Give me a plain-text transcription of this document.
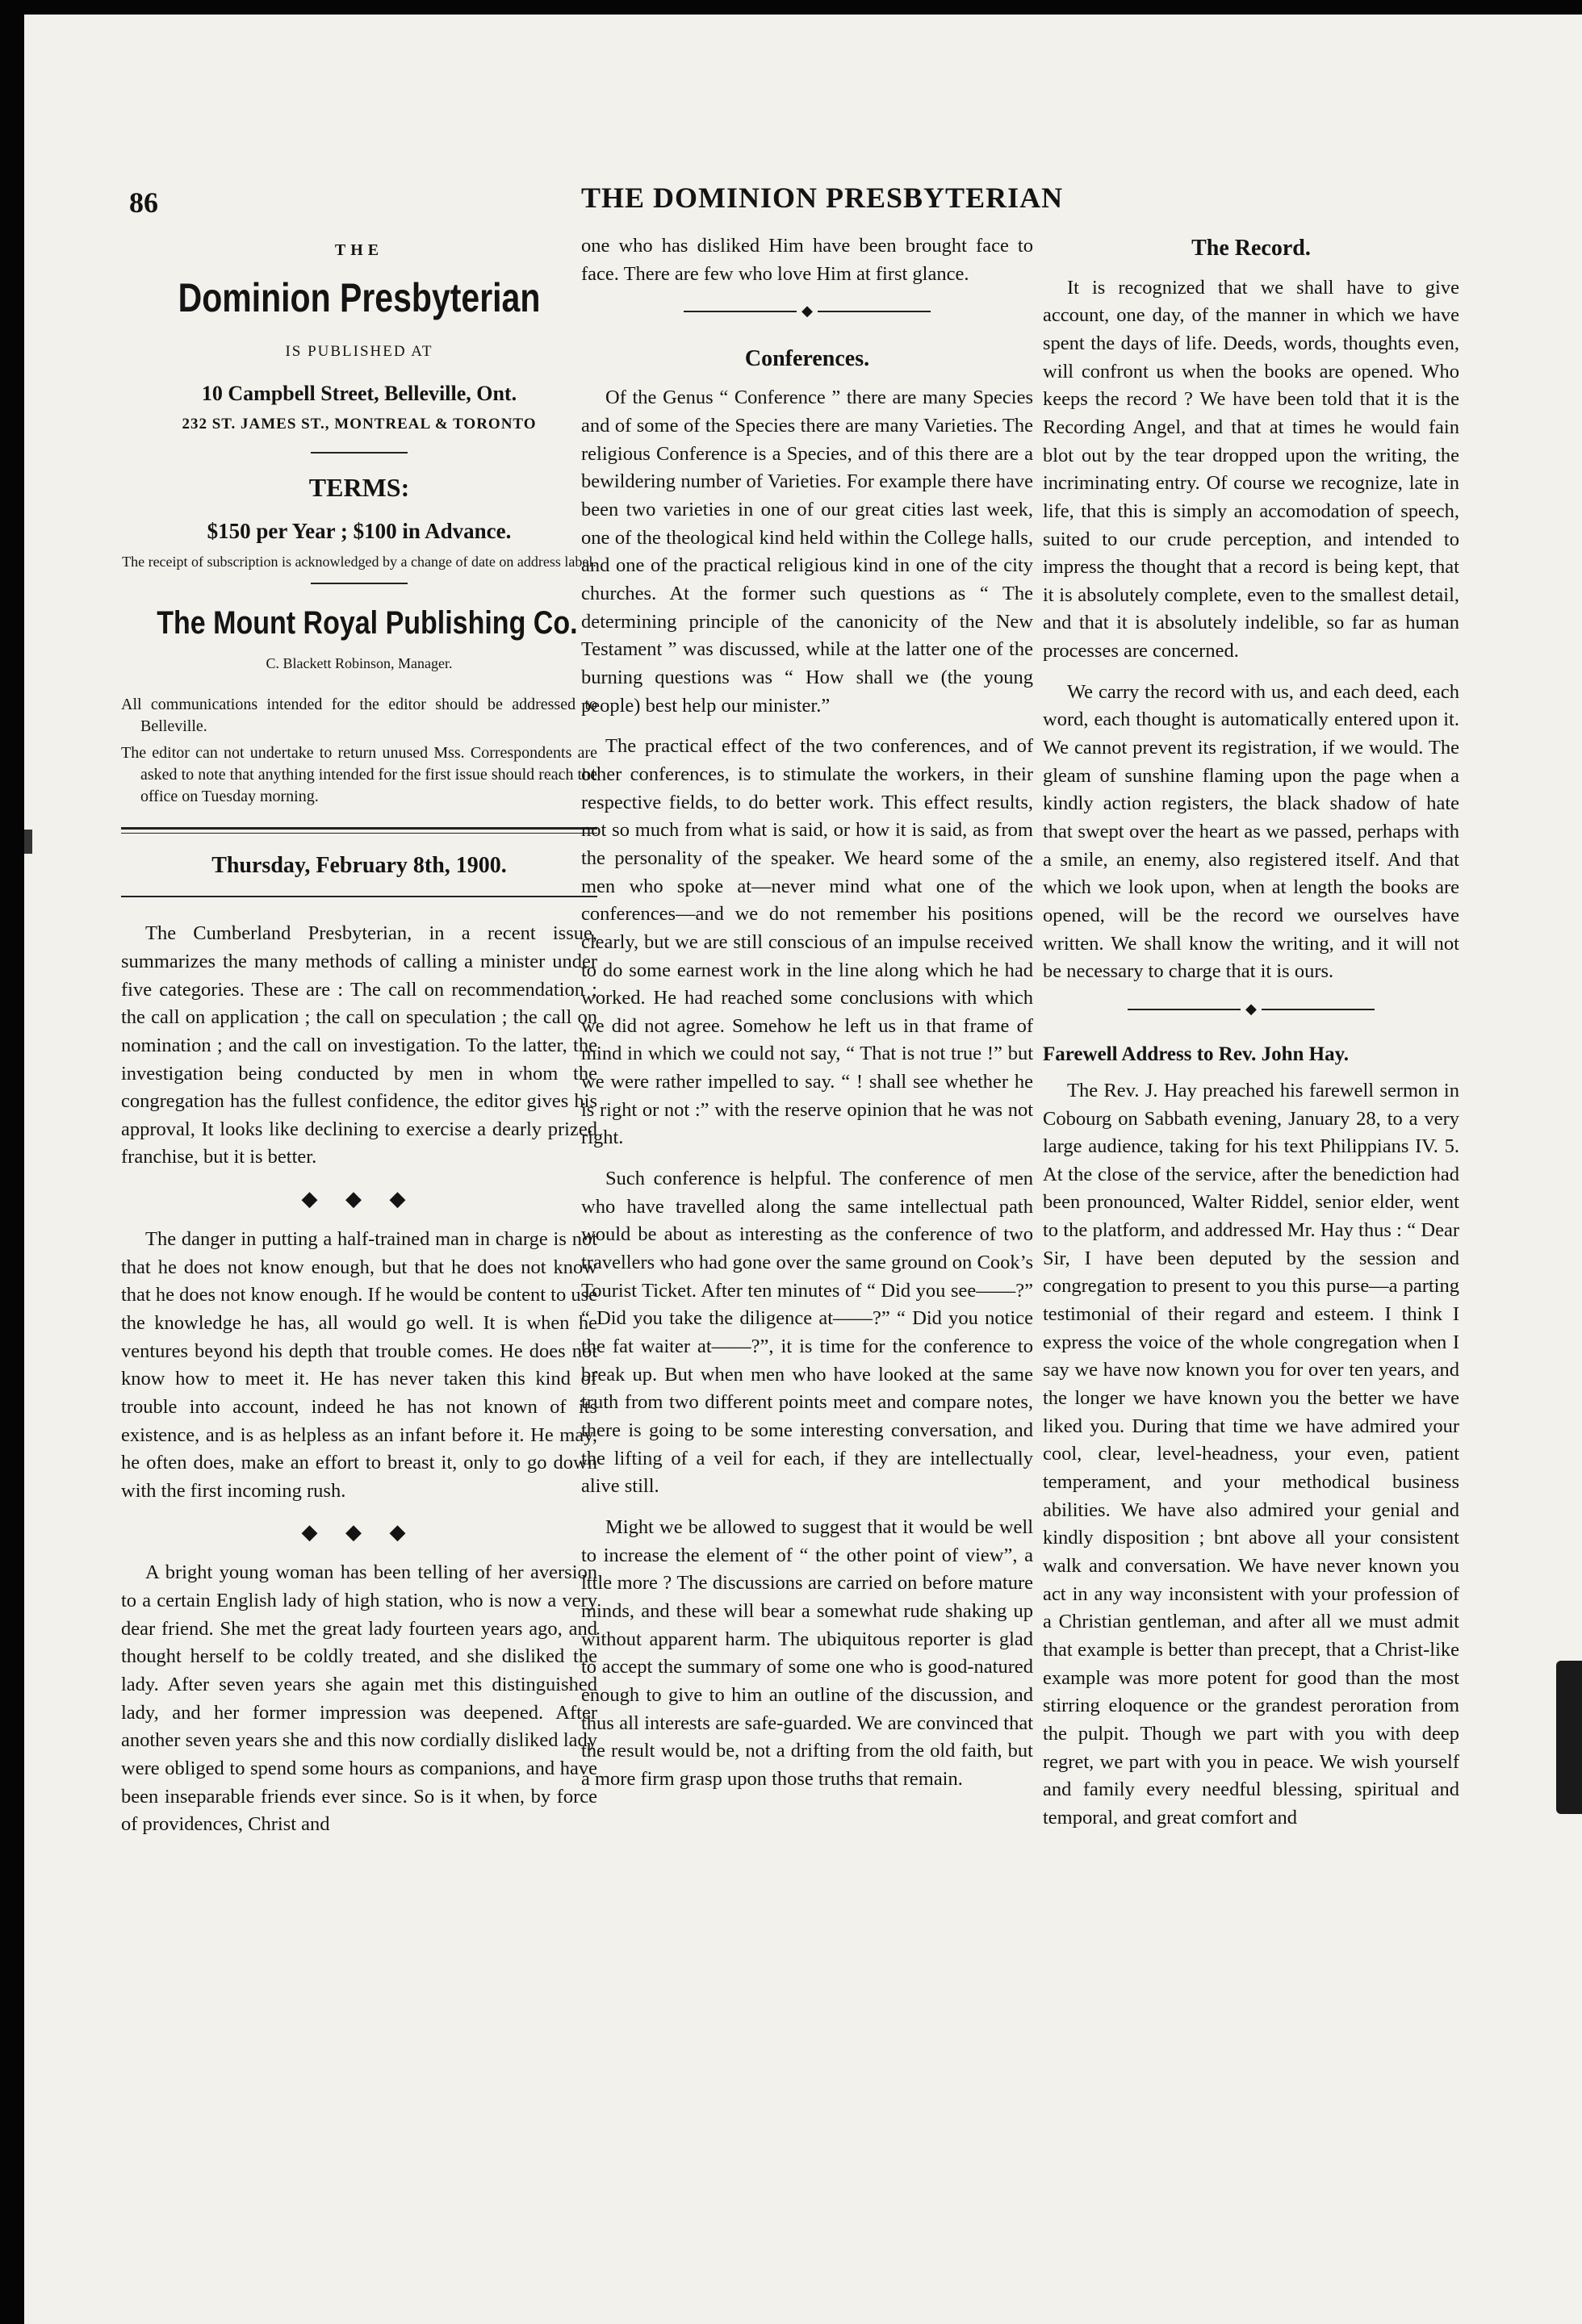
86	THE DOMINION PRESBYTERIAN
THE
Dominion Presbyterian
IS PUBLISHED AT
10 Campbell Street, Belleville, Ont.
232 ST. JAMES ST., MONTREAL & TORONTO
TERMS:
$150 per Year ; $100 in Advance.
The receipt of subscription is acknowledged by a change of date on address label.
The Mount Royal Publishing Co.
C. Blackett Robinson, Manager.

All communications intended for the editor should be addressed to Belleville.

The editor can not undertake to return unused Mss. Correspondents are asked to note that anything intended for the first issue should reach the office on Tuesday morning.

Thursday, February 8th, 1900.

The Cumberland Presbyterian, in a recent issue, summarizes the many methods of calling a minister under five categories. These are : The call on recommendation ; the call on application ; the call on speculation ; the call on nomination ; and the call on investigation. To the latter, the investigation being conducted by men in whom the congregation has the fullest confidence, the editor gives his approval, It looks like declining to exercise a dearly prized franchise, but it is better.

◆ ◆ ◆

The danger in putting a half-trained man in charge is not that he does not know enough, but that he does not know that he does not know enough. If he would be content to use the knowledge he has, all would go well. It is when he ventures beyond his depth that trouble comes. He does not know how to meet it. He has never taken this kind of trouble into account, indeed he has not known of its existence, and is as helpless as an infant before it. He may, he often does, make an effort to breast it, only to go down with the first incoming rush.

◆ ◆ ◆

A bright young woman has been telling of her aversion to a certain English lady of high station, who is now a very dear friend. She met the great lady fourteen years ago, and thought herself to be coldly treated, and she disliked the lady. After seven years she again met this distinguished lady, and her former impression was deepened. After another seven years she and this now cordially disliked lady were obliged to spend some hours as companions, and have been inseparable friends ever since. So is it when, by force of providences, Christ and

one who has disliked Him have been brought face to face. There are few who love Him at first glance.

◆
Conferences.

Of the Genus “ Conference ” there are many Species and of some of the Species there are many Varieties. The religious Conference is a Species, and of this there are a bewildering number of Varieties. For example there have been two varieties in one of our great cities last week, one of the theological kind held within the College halls, and one of the practical religious kind in one of the city churches. At the former such questions as “ The determining principle of the canonicity of the New Testament ” was discussed, while at the latter one of the burning questions was “ How shall we (the young people) best help our minister.”

The practical effect of the two conferences, and of other conferences, is to stimulate the workers, in their respective fields, to do better work. This effect results, not so much from what is said, or how it is said, as from the personality of the speaker. We heard some of the men who spoke at—never mind what one of the conferences—and we do not remember his positions clearly, but we are still conscious of an impulse received to do some earnest work in the line along which he had worked. He had reached some conclusions with which we did not agree. Somehow he left us in that frame of mind in which we could not say, “ That is not true !” but we were rather impelled to say. “ ! shall see whether he is right or not :” with the reserve opinion that he was not right.

Such conference is helpful. The conference of men who have travelled along the same intellectual path would be about as interesting as the conference of two travellers who had gone over the same ground on Cook’s Tourist Ticket. After ten minutes of “ Did you see——?” “ Did you take the diligence at——?” “ Did you notice the fat waiter at——?”, it is time for the conference to break up. But when men who have looked at the same truth from two different points meet and compare notes, there is going to be some interesting conversation, and the lifting of a veil for each, if they are intellectually alive still.

Might we be allowed to suggest that it would be well to increase the element of “ the other point of view”, a lttle more ? The discussions are carried on before mature minds, and these will bear a somewhat rude shaking up without apparent harm. The ubiquitous reporter is glad to accept the summary of some one who is good-natured enough to give to him an outline of the discussion, and thus all interests are safe-guarded. We are convinced that the result would be, not a drifting from the old faith, but a more firm grasp upon those truths that remain.

The Record.

It is recognized that we shall have to give account, one day, of the manner in which we have spent the days of life. Deeds, words, thoughts even, will confront us when the books are opened. Who keeps the record ? We have been told that it is the Recording Angel, and that at times he would fain blot out by the tear dropped upon the writing, the incriminating entry. Of course we recognize, late in life, that this is simply an accomodation of speech, suited to our crude perception, and intended to impress the thought that a record is being kept, that it is absolutely complete, even to the smallest detail, and that it is absolutely indelible, so far as human processes are concerned.

We carry the record with us, and each deed, each word, each thought is automatically entered upon it. We cannot prevent its registration, if we would. The gleam of sunshine flaming upon the page when a kindly action registers, the black shadow of hate that swept over the heart as we passed, perhaps with a smile, an enemy, also registered itself. And that which we look upon, when at length the books are opened, will be the record we ourselves have written. We shall know the writing, and it will not be necessary to charge that it is ours.

◆
Farewell Address to Rev. John Hay.

The Rev. J. Hay preached his farewell sermon in Cobourg on Sabbath evening, January 28, to a very large audience, taking for his text Philippians IV. 5. At the close of the service, after the benediction had been pronounced, Walter Riddel, senior elder, went to the platform, and addressed Mr. Hay thus : “ Dear Sir, I have been deputed by the session and congregation to present to you this purse—a parting testimonial of their regard and esteem. I think I express the voice of the whole congregation when I say we have now known you for over ten years, and the longer we have known you the better we have liked you. During that time we have admired your cool, clear, level-headness, your even, patient temperament, and your methodical business abilities. We have also admired your genial and kindly disposition ; bnt above all your consistent walk and conversation. We have never known you act in any way inconsistent with your profession of a Christian gentleman, and after all we must admit that example is better than precept, that a Christ-like example was more potent for good than the most stirring eloquence or the grandest peroration from the pulpit. Though we part with you with deep regret, we part with you in peace. We wish yourself and family every needful blessing, spiritual and temporal, and great comfort and
